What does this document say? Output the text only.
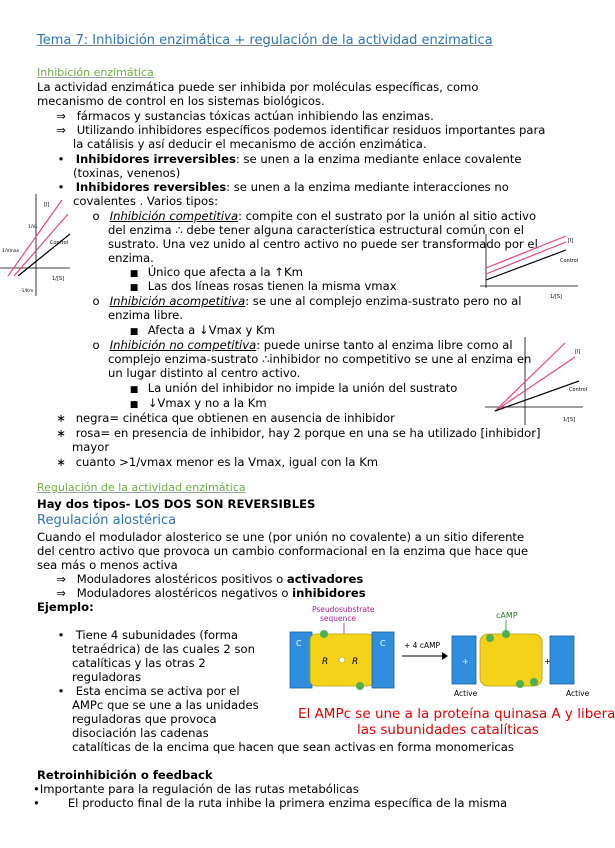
Tema 7: Inhibición enzimática + regulación de la actividad enzimatica
Inhibición enzimática
La actividad enzimática puede ser inhibida por moléculas específicas, como
mecanismo de control en los sistemas biológicos.
⇒ fármacos y sustancias tóxicas actúan inhibiendo las enzimas.
⇒ Utilizando inhibidores específicos podemos identificar residuos importantes para
la catálisis y así deducir el mecanismo de acción enzimática.
• Inhibidores irreversibles: se unen a la enzima mediante enlace covalente
(toxinas, venenos)
• Inhibidores reversibles: se unen a la enzima mediante interacciones no
covalentes . Varios tipos:
o Inhibición competitiva: compite con el sustrato por la unión al sitio activo
del enzima ∴ debe tener alguna característica estructural común con el
sustrato. Una vez unido al centro activo no puede ser transformado por el
enzima.
■ Único que afecta a la ↑Km
■ Las dos líneas rosas tienen la misma vmax
o Inhibición acompetitiva: se une al complejo enzima-sustrato pero no al
enzima libre.
■ Afecta a ↓Vmax y Km
o Inhibición no competitiva: puede unirse tanto al enzima libre como al
complejo enzima-sustrato ∴inhibidor no competitivo se une al enzima en
un lugar distinto al centro activo.
■ La unión del inhibidor no impide la unión del sustrato
■ ↓Vmax y no a la Km
∗ negra= cinética que obtienen en ausencia de inhibidor
∗ rosa= en presencia de inhibidor, hay 2 porque en una se ha utilizado [inhibidor]
mayor
∗ cuanto >1/vmax menor es la Vmax, igual con la Km
[I]
Control
1/V₀
1/[S]
1/Vmax
-1/Km
[I]
Control
1/[S]
[I]
Control
1/[S]
Regulación de la actividad enzimática
Hay dos tipos- LOS DOS SON REVERSIBLES
Regulación alostérica
Cuando el modulador alosterico se une (por unión no covalente) a un sitio diferente
del centro activo que provoca un cambio conformacional en la enzima que hace que
sea más o menos activa
⇒ Moduladores alostéricos positivos o activadores
⇒ Moduladores alostéricos negativos o inhibidores
Ejemplo:
• Tiene 4 subunidades (forma
tetraédrica) de las cuales 2 son
catalíticas y las otras 2
reguladoras
• Esta encima se activa por el
AMPc que se une a las unidades
reguladoras que provoca
disociación las cadenas
catalíticas de la encima que hacen que sean activas en forma monomericas
Pseudosubstrate
sequence
C
R	R
C + 4 cAMP
cAMP
+	+
Active	Active
El AMPc se une a la proteína quinasa A y libera
las subunidades catalíticas
Retroinhibición o feedback
•Importante para la regulación de las rutas metabólicas
• El producto final de la ruta inhibe la primera enzima específica de la misma
